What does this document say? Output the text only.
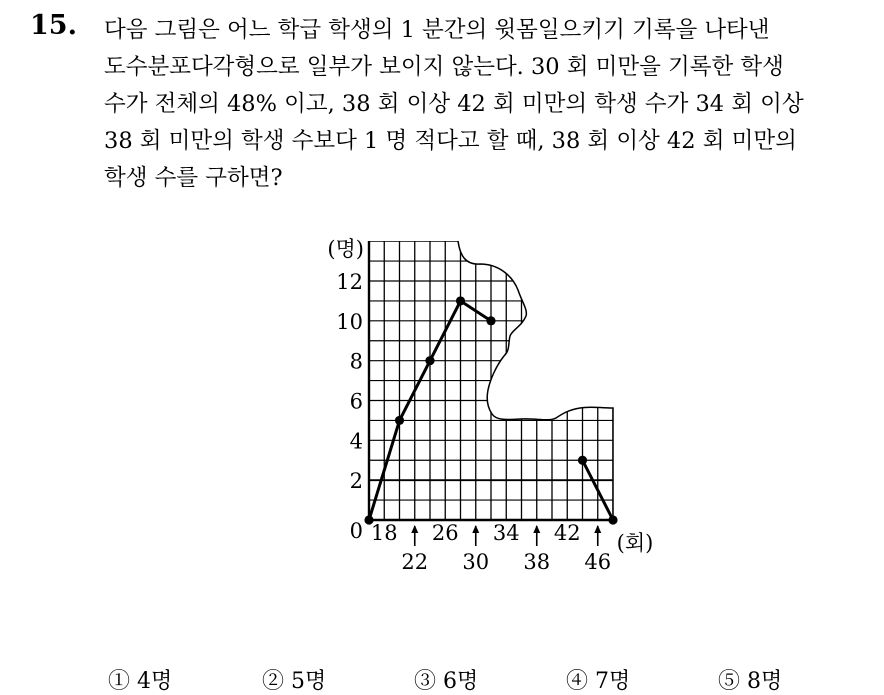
15. 다음 그림은 어느 학급 학생의 1 분간의 윗몸일으키기 기록을 나타낸
도수분포다각형으로 일부가 보이지 않는다. 30 회 미만을 기록한 학생
수가 전체의 48% 이고, 38 회 이상 42 회 미만의 학생 수가 34 회 이상
38 회 미만의 학생 수보다 1 명 적다고 할 때, 38 회 이상 42 회 미만의
학생 수를 구하면?
(명)
0
2
4
6
8
10
12
18 26 34 42
22 30 38 46
(회)
① 4명	② 5명	③ 6명	④ 7명	⑤ 8명
